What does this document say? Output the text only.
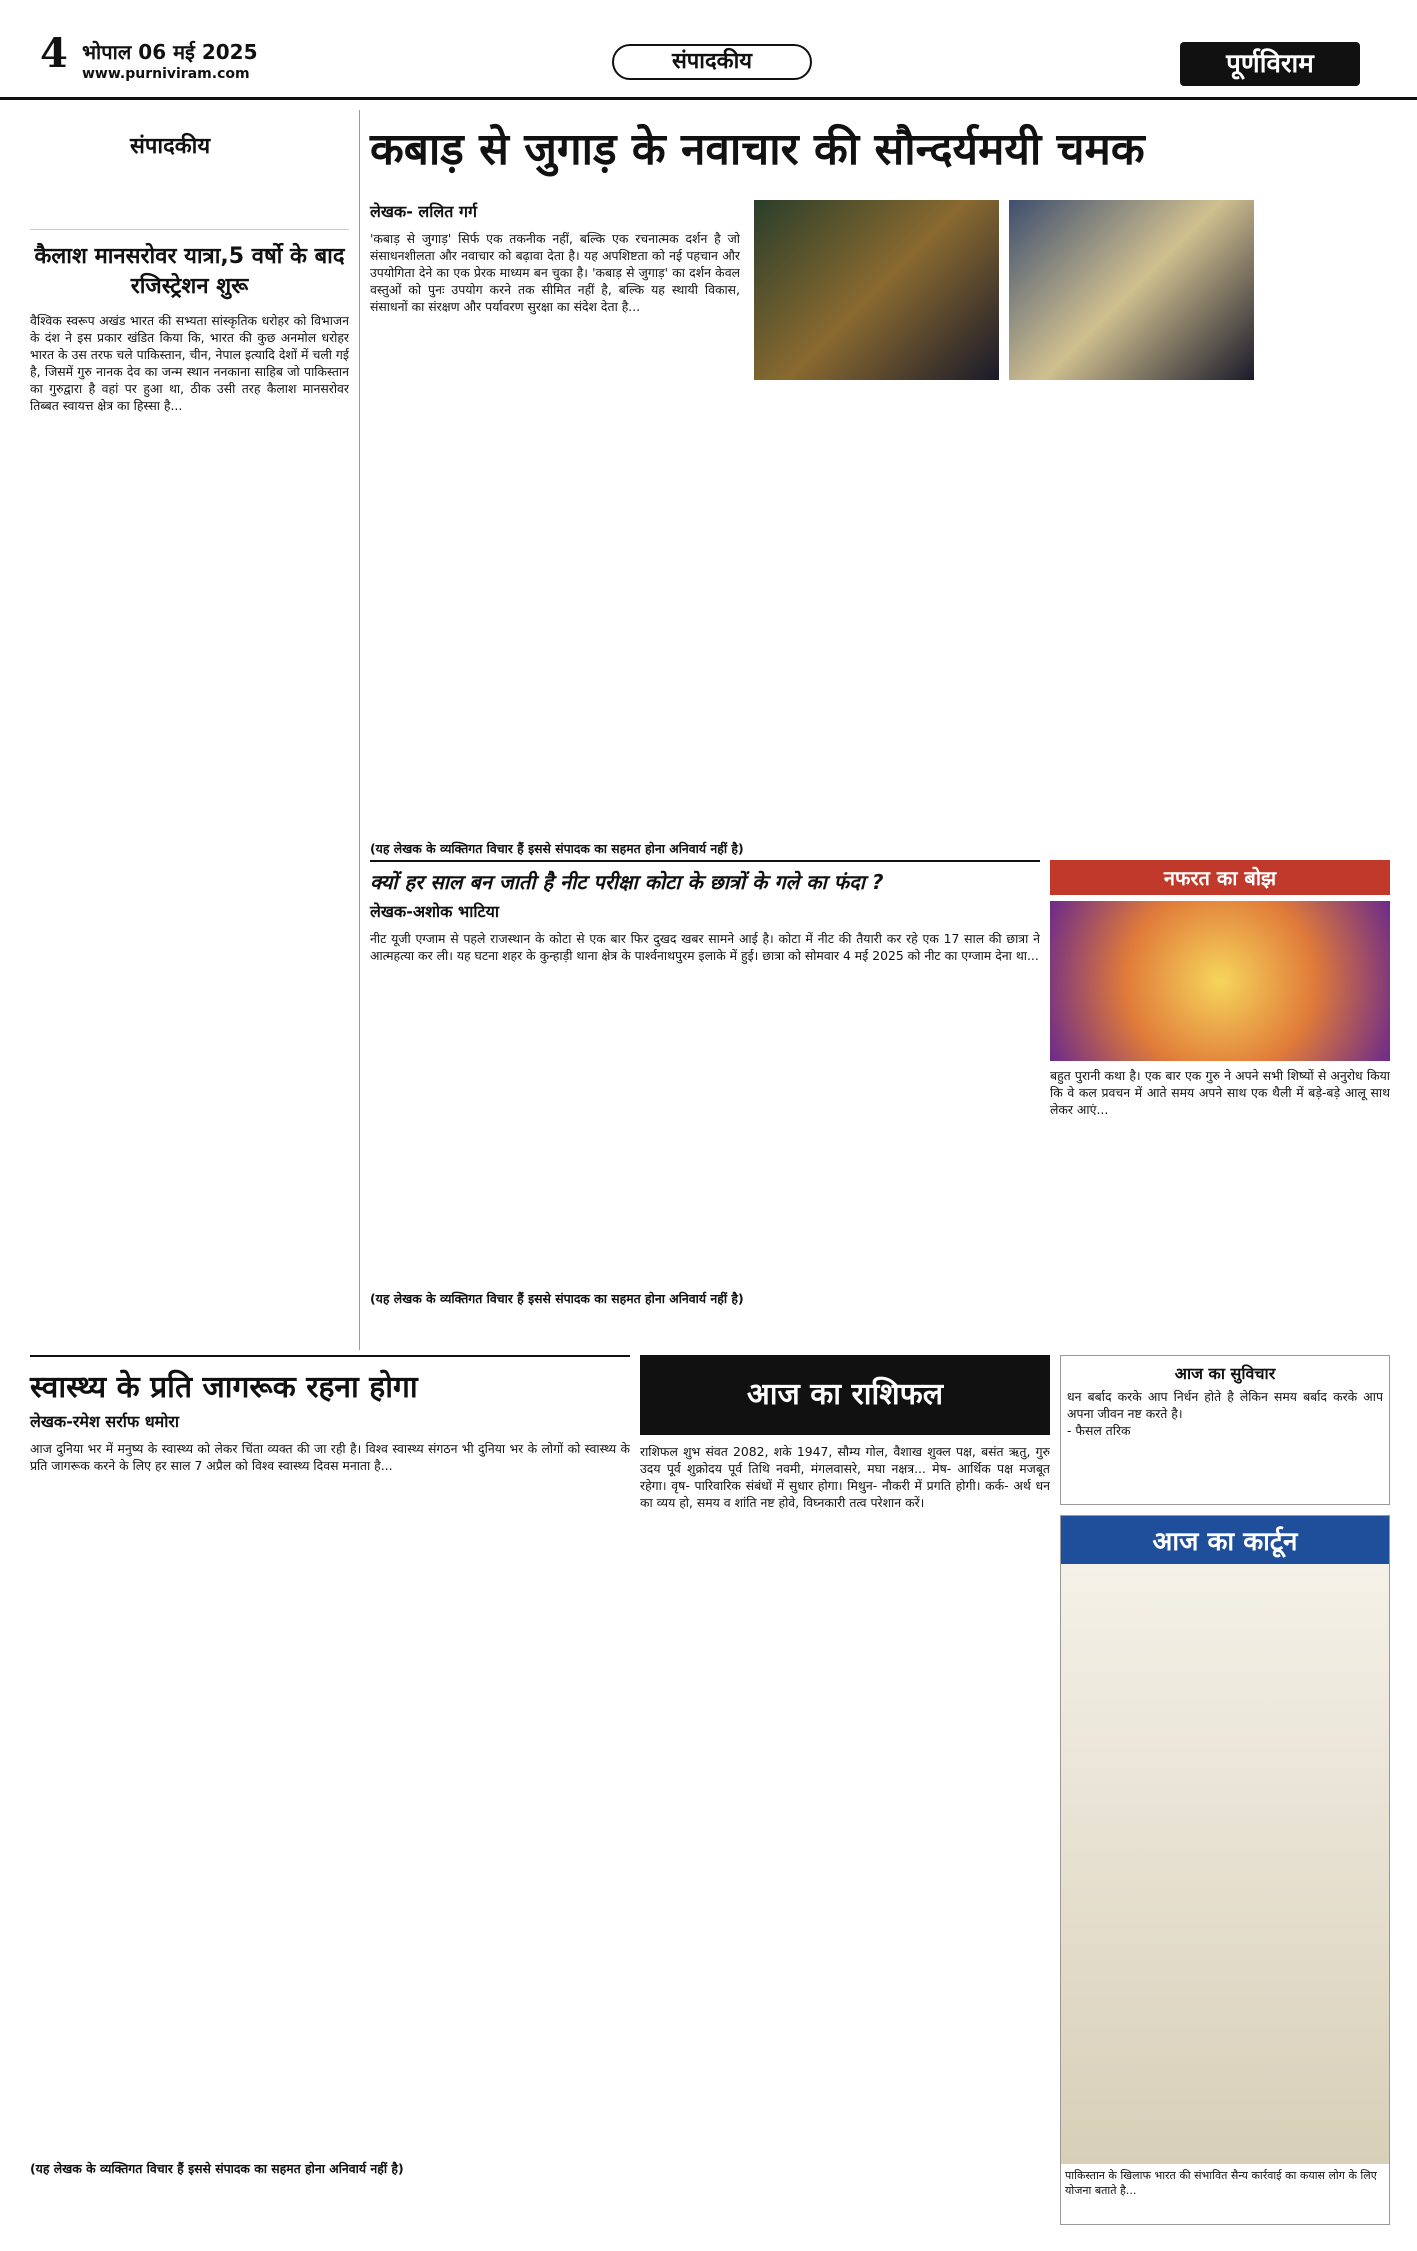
4 भोपाल 06 मई 2025
www.purniviram.com	संपादकीय	पूर्णविराम
संपादकीय
कैलाश मानसरोवर यात्रा,5 वर्षो के बाद रजिस्ट्रेशन शुरू
वैश्विक स्वरूप अखंड भारत की सभ्यता सांस्कृतिक धरोहर को विभाजन के दंश ने इस प्रकार खंडित किया कि, भारत की कुछ अनमोल धरोहर भारत के उस तरफ चले पाकिस्तान, चीन, नेपाल इत्यादि देशों में चली गई है, जिसमें गुरु नानक देव का जन्म स्थान ननकाना साहिब जो पाकिस्तान का गुरुद्वारा है वहां पर हुआ था, ठीक उसी तरह कैलाश मानसरोवर तिब्बत स्वायत्त क्षेत्र का हिस्सा है...
कबाड़ से जुगाड़ के नवाचार की सौन्दर्यमयी चमक
लेखक- ललित गर्ग
'कबाड़ से जुगाड़' सिर्फ एक तकनीक नहीं, बल्कि एक रचनात्मक दर्शन है जो संसाधनशीलता और नवाचार को बढ़ावा देता है। यह अपशिष्टता को नई पहचान और उपयोगिता देने का एक प्रेरक माध्यम बन चुका है। 'कबाड़ से जुगाड़' का दर्शन केवल वस्तुओं को पुनः उपयोग करने तक सीमित नहीं है, बल्कि यह स्थायी विकास, संसाधनों का संरक्षण और पर्यावरण सुरक्षा का संदेश देता है...
(यह लेखक के व्यक्तिगत विचार हैं इससे संपादक का सहमत होना अनिवार्य नहीं है)
क्यों हर साल बन जाती है नीट परीक्षा कोटा के छात्रों के गले का फंदा ?
लेखक-अशोक भाटिया
नीट यूजी एग्जाम से पहले राजस्थान के कोटा से एक बार फिर दुखद खबर सामने आई है। कोटा में नीट की तैयारी कर रहे एक 17 साल की छात्रा ने आत्महत्या कर ली। यह घटना शहर के कुन्हाड़ी थाना क्षेत्र के पार्श्वनाथपुरम इलाके में हुई। छात्रा को सोमवार 4 मई 2025 को नीट का एग्जाम देना था...
(यह लेखक के व्यक्तिगत विचार हैं इससे संपादक का सहमत होना अनिवार्य नहीं है)
नफरत का बोझ
बहुत पुरानी कथा है। एक बार एक गुरु ने अपने सभी शिष्यों से अनुरोध किया कि वे कल प्रवचन में आते समय अपने साथ एक थैली में बड़े-बड़े आलू साथ लेकर आएं...
स्वास्थ्य के प्रति जागरूक रहना होगा
लेखक-रमेश सर्राफ धमोरा
आज दुनिया भर में मनुष्य के स्वास्थ्य को लेकर चिंता व्यक्त की जा रही है। विश्व स्वास्थ्य संगठन भी दुनिया भर के लोगों को स्वास्थ्य के प्रति जागरूक करने के लिए हर साल 7 अप्रैल को विश्व स्वास्थ्य दिवस मनाता है...
(यह लेखक के व्यक्तिगत विचार हैं इससे संपादक का सहमत होना अनिवार्य नहीं है)
आज का राशिफल
राशिफल शुभ संवत 2082, शके 1947, सौम्य गोल, वैशाख शुक्ल पक्ष, बसंत ऋतु, गुरु उदय पूर्व शुक्रोदय पूर्व तिथि नवमी, मंगलवासरे, मघा नक्षत्र... मेष- आर्थिक पक्ष मजबूत रहेगा। वृष- पारिवारिक संबंधों में सुधार होगा। मिथुन- नौकरी में प्रगति होगी। कर्क- अर्थ धन का व्यय हो, समय व शांति नष्ट होवे, विघ्नकारी तत्व परेशान करें।
आज का सुविचार
धन बर्बाद करके आप निर्धन होते है लेकिन समय बर्बाद करके आप अपना जीवन नष्ट करते है।
- फैसल तरिक
आज का कार्टून
पाकिस्तान के खिलाफ भारत की संभावित सैन्य कार्रवाई का कयास लोग के लिए योजना बताते है...
